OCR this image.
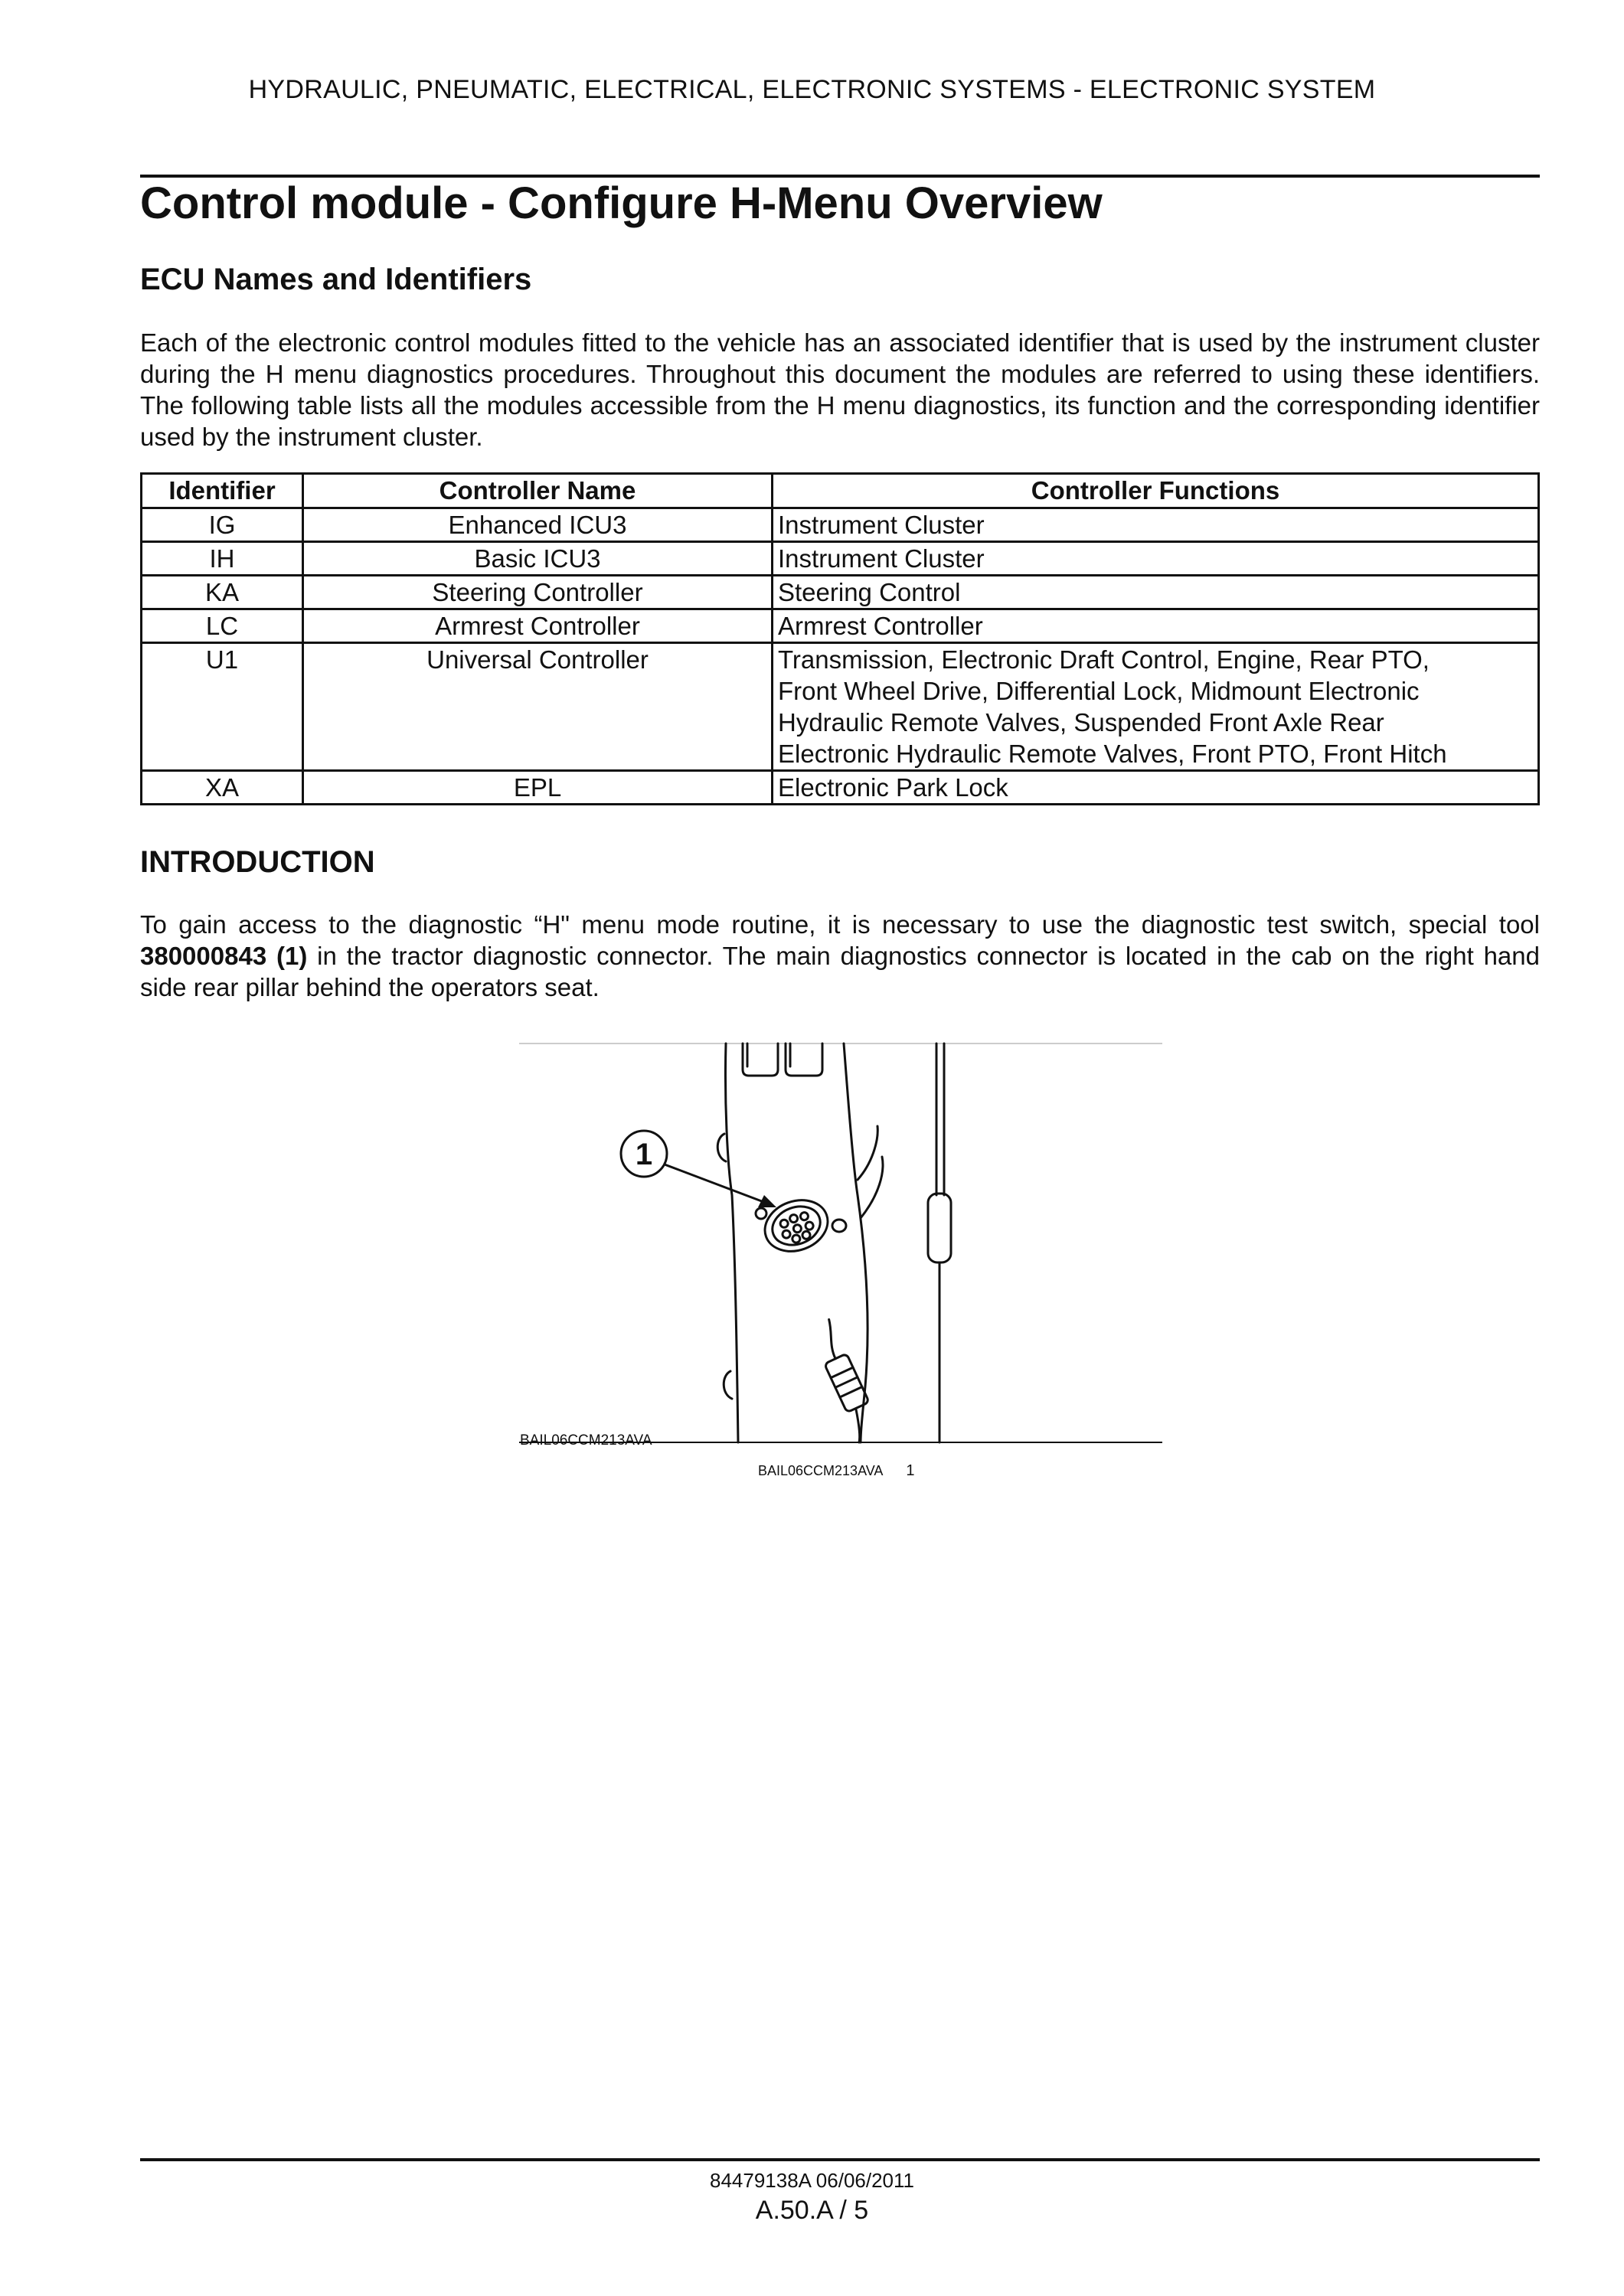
HYDRAULIC, PNEUMATIC, ELECTRICAL, ELECTRONIC SYSTEMS - ELECTRONIC SYSTEM
Control module - Configure H-Menu Overview
ECU Names and Identifiers
Each of the electronic control modules fitted to the vehicle has an associated identifier that is used by the instrument cluster during the H menu diagnostics procedures. Throughout this document the modules are referred to using these identifiers. The following table lists all the modules accessible from the H menu diagnostics, its function and the corresponding identifier used by the instrument cluster.
Identifier	Controller Name	Controller Functions
IG	Enhanced ICU3	Instrument Cluster

IH	Basic ICU3	Instrument Cluster

KA	Steering Controller	Steering Control

LC	Armrest Controller	Armrest Controller

U1	Universal Controller	Transmission, Electronic Draft Control, Engine, Rear PTO,
Front Wheel Drive, Differential Lock, Midmount Electronic
Hydraulic Remote Valves, Suspended Front Axle Rear
Electronic Hydraulic Remote Valves, Front PTO, Front Hitch

XA	EPL	Electronic Park Lock
INTRODUCTION
To gain access to the diagnostic “H" menu mode routine, it is necessary to use the diagnostic test switch, special tool 380000843 (1) in the tractor diagnostic connector. The main diagnostics connector is located in the cab on the right hand side rear pillar behind the operators seat.
1
BAIL06CCM213AVA
BAIL06CCM213AVA 1
84479138A 06/06/2011
A.50.A / 5
